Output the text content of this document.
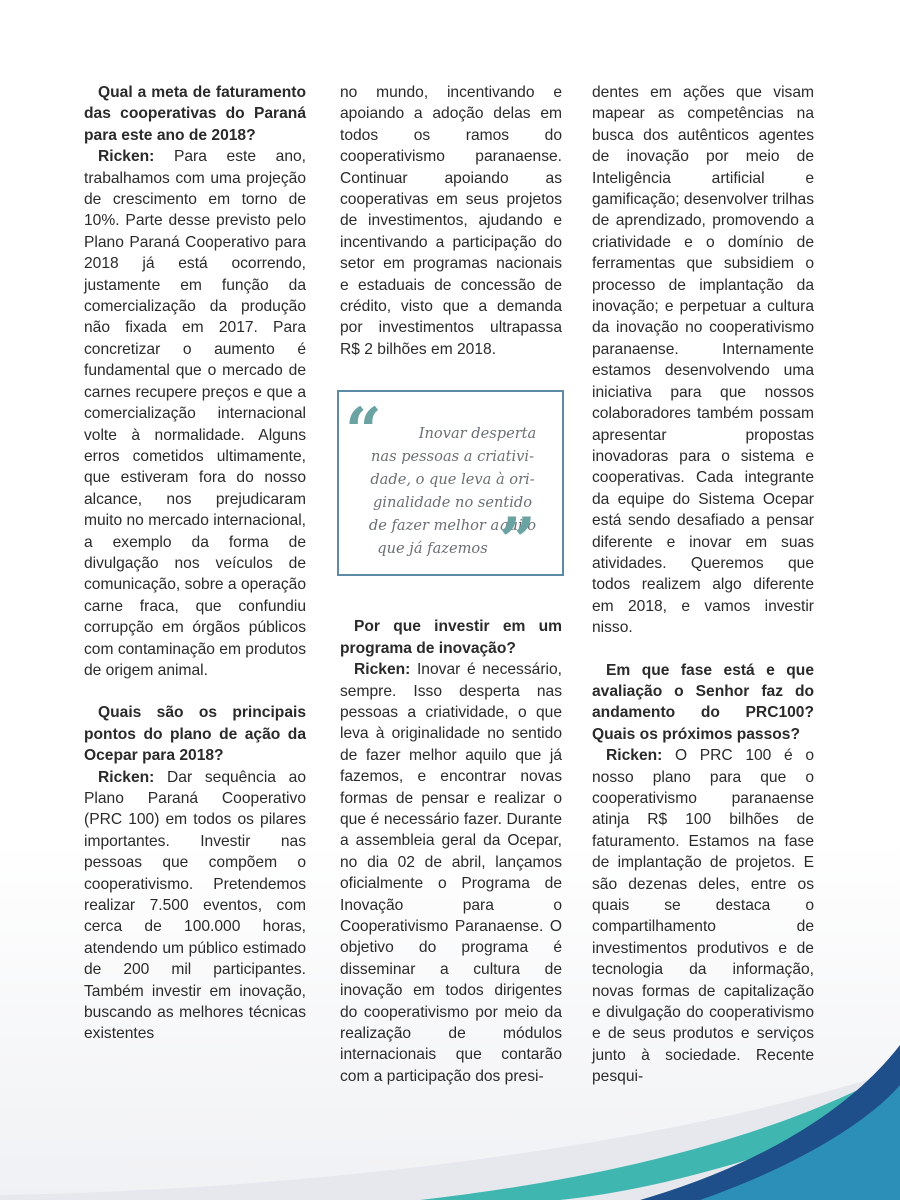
Qual a meta de faturamento das cooperativas do Paraná para este ano de 2018?

Ricken: Para este ano, trabalhamos com uma projeção de crescimento em torno de 10%. Parte desse previsto pelo Plano Paraná Cooperativo para 2018 já está ocorrendo, justamente em função da comercialização da produção não fixada em 2017. Para concretizar o aumento é fundamental que o mercado de carnes recupere preços e que a comercialização internacional volte à normalidade. Alguns erros cometidos ultimamente, que estiveram fora do nosso alcance, nos prejudicaram muito no mercado internacional, a exemplo da forma de divulgação nos veículos de comunicação, sobre a operação carne fraca, que confundiu corrupção em órgãos públicos com contaminação em produtos de origem animal.

Quais são os principais pontos do plano de ação da Ocepar para 2018?

Ricken: Dar sequência ao Plano Paraná Cooperativo (PRC 100) em todos os pilares importantes. Investir nas pessoas que compõem o cooperativismo. Pretendemos realizar 7.500 eventos, com cerca de 100.000 horas, atendendo um público estimado de 200 mil participantes. Também investir em inovação, buscando as melhores técnicas existentes

no mundo, incentivando e apoiando a adoção delas em todos os ramos do cooperativismo paranaense. Continuar apoiando as cooperativas em seus projetos de investimentos, ajudando e incentivando a participação do setor em programas nacionais e estaduais de concessão de crédito, visto que a demanda por investimentos ultrapassa R$ 2 bilhões em 2018.

Por que investir em um programa de inovação?

Ricken: Inovar é necessário, sempre. Isso desperta nas pessoas a criatividade, o que leva à originalidade no sentido de fazer melhor aquilo que já fazemos, e encontrar novas formas de pensar e realizar o que é necessário fazer. Durante a assembleia geral da Ocepar, no dia 02 de abril, lançamos oficialmente o Programa de Inovação para o Cooperativismo Paranaense. O objetivo do programa é disseminar a cultura de inovação em todos dirigentes do cooperativismo por meio da realização de módulos internacionais que contarão com a participação dos presi-

“	Inovar desperta
nas pessoas a criativi-
dade, o que leva à ori-
ginalidade no sentido
de fazer melhor aquilo
que já fazemos ”

dentes em ações que visam mapear as competências na busca dos autênticos agentes de inovação por meio de Inteligência artificial e gamificação; desenvolver trilhas de aprendizado, promovendo a criatividade e o domínio de ferramentas que subsidiem o processo de implantação da inovação; e perpetuar a cultura da inovação no cooperativismo paranaense. Internamente estamos desenvolvendo uma iniciativa para que nossos colaboradores também possam apresentar propostas inovadoras para o sistema e cooperativas. Cada integrante da equipe do Sistema Ocepar está sendo desafiado a pensar diferente e inovar em suas atividades. Queremos que todos realizem algo diferente em 2018, e vamos investir nisso.

Em que fase está e que avaliação o Senhor faz do andamento do PRC100? Quais os próximos passos?

Ricken: O PRC 100 é o nosso plano para que o cooperativismo paranaense atinja R$ 100 bilhões de faturamento. Estamos na fase de implantação de projetos. E são dezenas deles, entre os quais se destaca o compartilhamento de investimentos produtivos e de tecnologia da informação, novas formas de capitalização e divulgação do cooperativismo e de seus produtos e serviços junto à sociedade. Recente pesqui-
